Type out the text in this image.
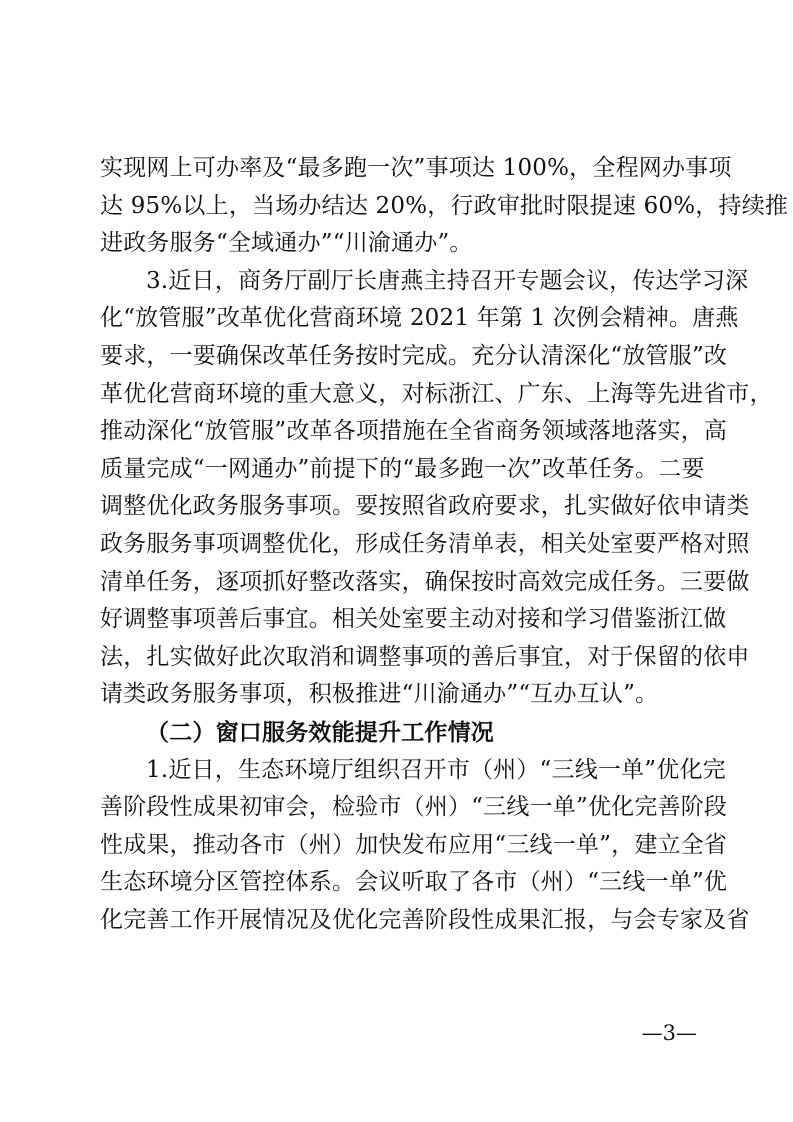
实现网上可办率及“最多跑一次”事项达 100%，全程网办事项
达 95%以上，当场办结达 20%，行政审批时限提速 60%，持续推
进政务服务“全域通办”“川渝通办”。
3.近日，商务厅副厅长唐燕主持召开专题会议，传达学习深
化“放管服”改革优化营商环境 2021 年第 1 次例会精神。唐燕
要求，一要确保改革任务按时完成。充分认清深化“放管服”改
革优化营商环境的重大意义，对标浙江、广东、上海等先进省市，
推动深化“放管服”改革各项措施在全省商务领域落地落实，高
质量完成“一网通办”前提下的“最多跑一次”改革任务。二要
调整优化政务服务事项。要按照省政府要求，扎实做好依申请类
政务服务事项调整优化，形成任务清单表，相关处室要严格对照
清单任务，逐项抓好整改落实，确保按时高效完成任务。三要做
好调整事项善后事宜。相关处室要主动对接和学习借鉴浙江做
法，扎实做好此次取消和调整事项的善后事宜，对于保留的依申
请类政务服务事项，积极推进“川渝通办”“互办互认”。
（二）窗口服务效能提升工作情况
1.近日，生态环境厅组织召开市（州）“三线一单”优化完
善阶段性成果初审会，检验市（州）“三线一单”优化完善阶段
性成果，推动各市（州）加快发布应用“三线一单”，建立全省
生态环境分区管控体系。会议听取了各市（州）“三线一单”优
化完善工作开展情况及优化完善阶段性成果汇报，与会专家及省
—3—
